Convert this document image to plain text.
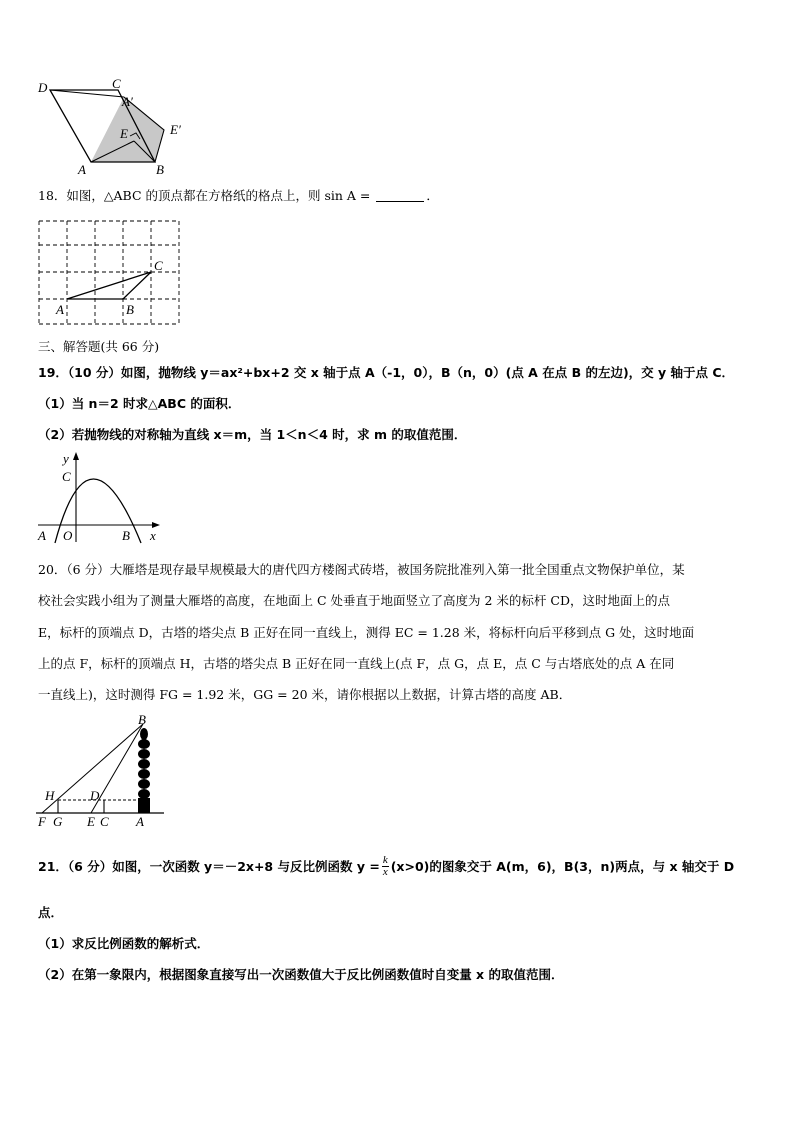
D	C
A′
E	E′
A	B
18．如图，△ABC 的顶点都在方格纸的格点上，则 sin A =	．
A	B
C
三、解答题(共 66 分)
19．（10 分）如图，抛物线 y＝ax²+bx+2 交 x 轴于点 A（-1，0），B（n，0）(点 A 在点 B 的左边)，交 y 轴于点 C．
（1）当 n＝2 时求△ABC 的面积．
（2）若抛物线的对称轴为直线 x＝m，当 1＜n＜4 时，求 m 的取值范围．
y
C
A O	B x
20．（6 分）大雁塔是现存最早规模最大的唐代四方楼阁式砖塔，被国务院批准列入第一批全国重点文物保护单位，某
校社会实践小组为了测量大雁塔的高度，在地面上 C 处垂直于地面竖立了高度为 2 米的标杆 CD，这时地面上的点
E，标杆的顶端点 D，古塔的塔尖点 B 正好在同一直线上，测得 EC = 1.28 米，将标杆向后平移到点 G 处，这时地面
上的点 F，标杆的顶端点 H，古塔的塔尖点 B 正好在同一直线上(点 F，点 G，点 E，点 C 与古塔底处的点 A 在同
一直线上)，这时测得 FG = 1.92 米，GG = 20 米，请你根据以上数据，计算古塔的高度 AB．
B
H	D
F G E C A
21．（6 分）如图，一次函数 y＝－2x+8 与反比例函数 $y = \frac{k}{x} (x>0)$的图象交于 A(m，6)，B(3，n)两点，与 x 轴交于 D
点．
（1）求反比例函数的解析式．
（2）在第一象限内，根据图象直接写出一次函数值大于反比例函数值时自变量 x 的取值范围．
